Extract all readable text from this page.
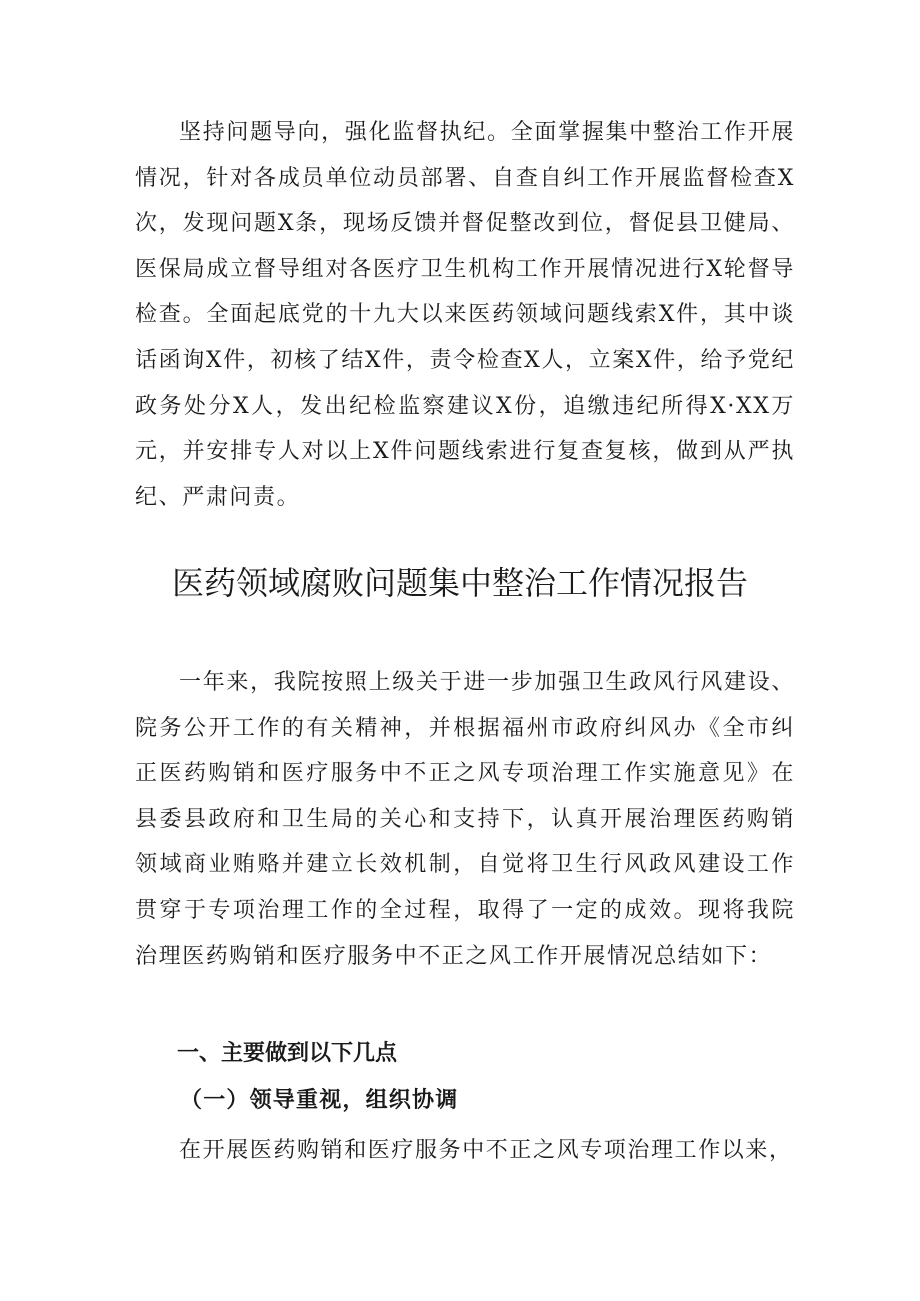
坚持问题导向，强化监督执纪。全面掌握集中整治工作开展情况，针对各成员单位动员部署、自查自纠工作开展监督检查X次，发现问题X条，现场反馈并督促整改到位，督促县卫健局、医保局成立督导组对各医疗卫生机构工作开展情况进行X轮督导检查。全面起底党的十九大以来医药领域问题线索X件，其中谈话函询X件，初核了结X件，责令检查X人，立案X件，给予党纪政务处分X人，发出纪检监察建议X份，追缴违纪所得X·XX万元，并安排专人对以上X件问题线索进行复查复核，做到从严执纪、严肃问责。

医药领域腐败问题集中整治工作情况报告

一年来，我院按照上级关于进一步加强卫生政风行风建设、院务公开工作的有关精神，并根据福州市政府纠风办《全市纠正医药购销和医疗服务中不正之风专项治理工作实施意见》在县委县政府和卫生局的关心和支持下，认真开展治理医药购销领域商业贿赂并建立长效机制，自觉将卫生行风政风建设工作贯穿于专项治理工作的全过程，取得了一定的成效。现将我院治理医药购销和医疗服务中不正之风工作开展情况总结如下：

一、主要做到以下几点
（一）领导重视，组织协调

在开展医药购销和医疗服务中不正之风专项治理工作以来，
